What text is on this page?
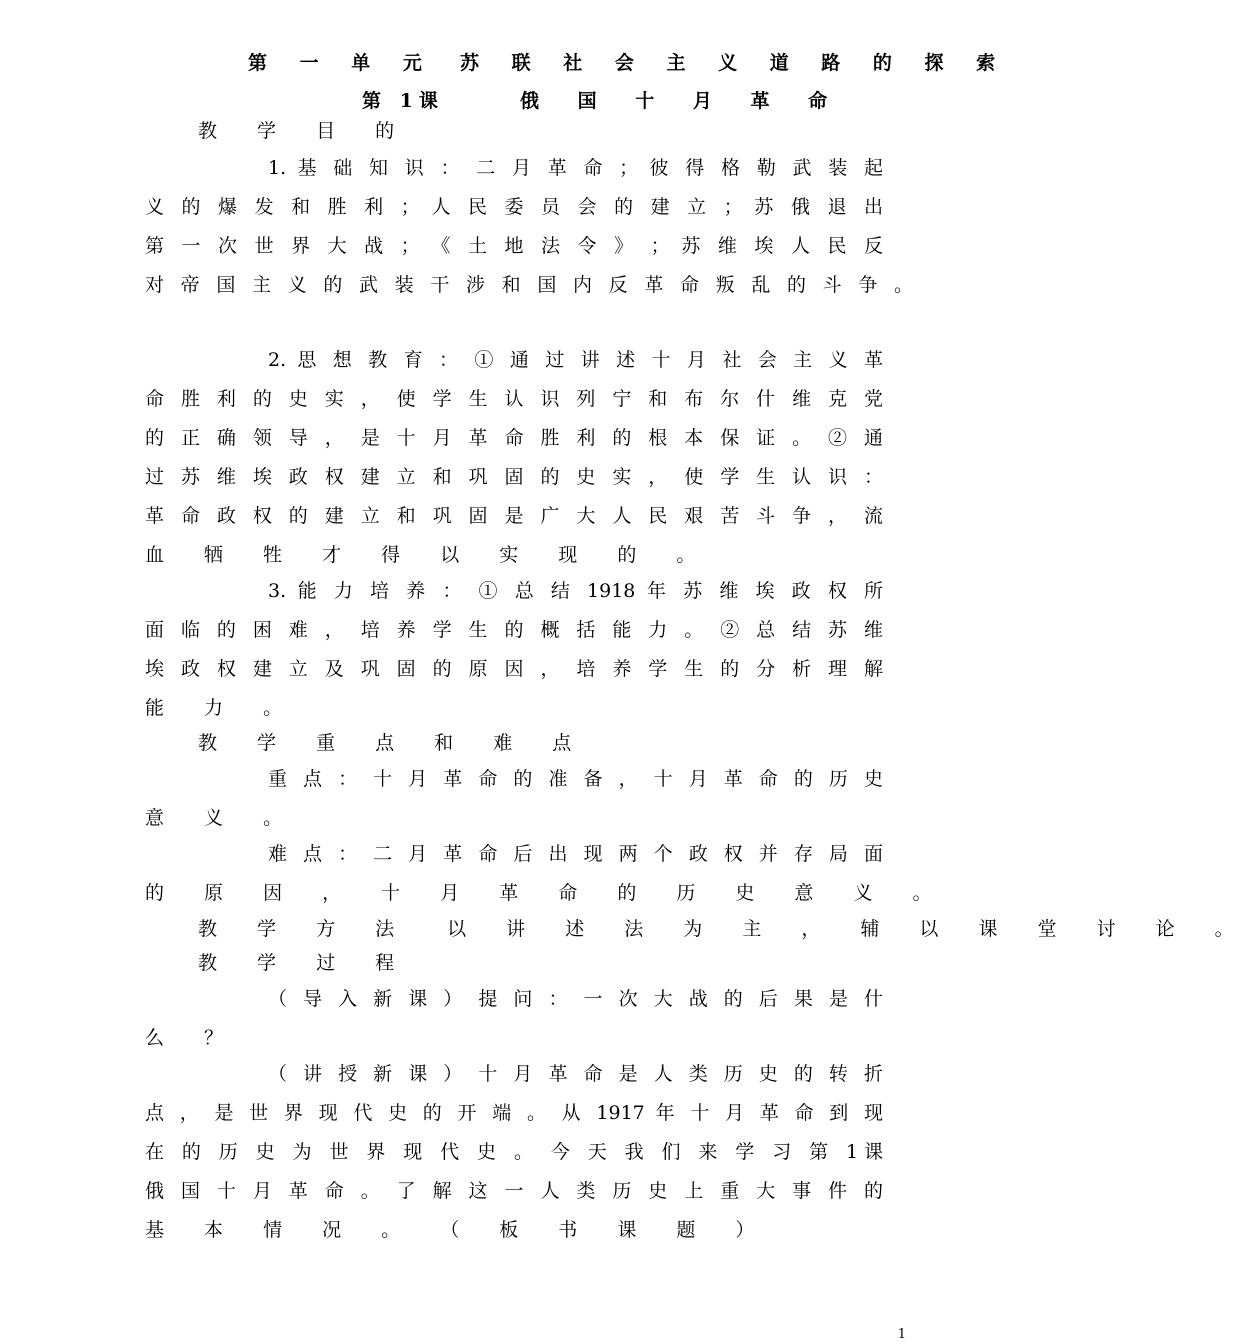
第 一 单 元 苏 联 社 会 主 义 道 路 的 探 索
第 1课	俄 国 十 月 革 命
教 学 目 的
1. 基 础 知 识 ： 二 月 革 命 ； 彼 得 格 勒 武 装 起
义 的 爆 发 和 胜 利 ； 人 民 委 员 会 的 建 立 ； 苏 俄 退 出
第 一 次 世 界 大 战 ； 《 土 地 法 令 》 ； 苏 维 埃 人 民 反
对 帝 国 主 义 的 武 装 干 涉 和 国 内 反 革 命 叛 乱 的 斗 争 。
2. 思 想 教 育 ： ① 通 过 讲 述 十 月 社 会 主 义 革
命 胜 利 的 史 实 ， 使 学 生 认 识 列 宁 和 布 尔 什 维 克 党
的 正 确 领 导 ， 是 十 月 革 命 胜 利 的 根 本 保 证 。 ② 通
过 苏 维 埃 政 权 建 立 和 巩 固 的 史 实 ， 使 学 生 认 识 ：
革 命 政 权 的 建 立 和 巩 固 是 广 大 人 民 艰 苦 斗 争 ， 流
血 牺 牲 才 得 以 实 现 的 。
3. 能 力 培 养 ： ① 总 结 1918 年 苏 维 埃 政 权 所
面 临 的 困 难 ， 培 养 学 生 的 概 括 能 力 。 ② 总 结 苏 维
埃 政 权 建 立 及 巩 固 的 原 因 ， 培 养 学 生 的 分 析 理 解
能 力 。
教 学 重 点 和 难 点
重 点 ： 十 月 革 命 的 准 备 ， 十 月 革 命 的 历 史
意 义 。
难 点 ： 二 月 革 命 后 出 现 两 个 政 权 并 存 局 面
的 原 因 ， 十 月 革 命 的 历 史 意 义 。
教 学 方 法　以 讲 述 法 为 主 ， 辅 以 课 堂 讨 论 。
教 学 过 程
（ 导 入 新 课 ） 提 问 ： 一 次 大 战 的 后 果 是 什
么 ？
（ 讲 授 新 课 ） 十 月 革 命 是 人 类 历 史 的 转 折
点 ， 是 世 界 现 代 史 的 开 端 。 从 1917 年 十 月 革 命 到 现
在 的 历 史 为 世 界 现 代 史 。 今 天 我 们 来 学 习 第 1课
俄 国 十 月 革 命 。 了 解 这 一 人 类 历 史 上 重 大 事 件 的
基 本 情 况 。 （ 板 书 课 题 ）
1
